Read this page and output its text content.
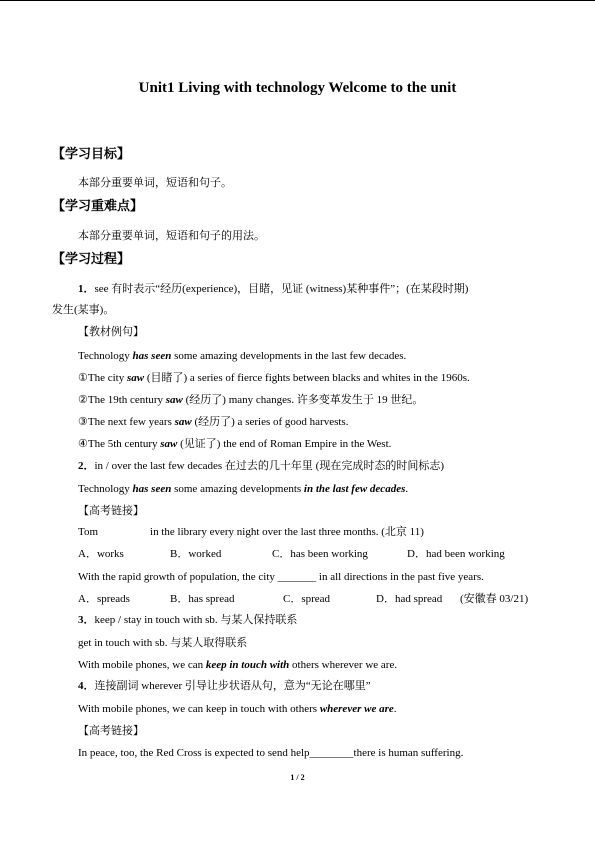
Unit1 Living with technology Welcome to the unit
【学习目标】
本部分重要单词，短语和句子。
【学习重难点】
本部分重要单词，短语和句子的用法。
【学习过程】
1．see 有时表示“经历(experience)，目睹，见证 (witness)某种事件”；(在某段时期)
发生(某事)。
【教材例句】
Technology has seen some amazing developments in the last few decades.
①The city saw (目睹了) a series of fierce fights between blacks and whites in the 1960s.
②The 19th century saw (经历了) many changes. 许多变革发生于 19 世纪。
③The next few years saw (经历了) a series of good harvests.
④The 5th century saw (见证了) the end of Roman Empire in the West.
2．in / over the last few decades 在过去的几十年里 (现在完成时态的时间标志)
Technology has seen some amazing developments in the last few decades.
【高考链接】
Tom	in the library every night over the last three months. (北京 11)
A．works	B．worked	C．has been working	D．had been working
With the rapid growth of population, the city _______ in all directions in the past five years.
A．spreads	B．has spread	C．spread	D．had spread (安徽春 03/21)
3．keep / stay in touch with sb. 与某人保持联系
get in touch with sb. 与某人取得联系
With mobile phones, we can keep in touch with others wherever we are.
4．连接副词 wherever 引导让步状语从句，意为“无论在哪里”
With mobile phones, we can keep in touch with others wherever we are.
【高考链接】
In peace, too, the Red Cross is expected to send help________there is human suffering.
1 / 2
